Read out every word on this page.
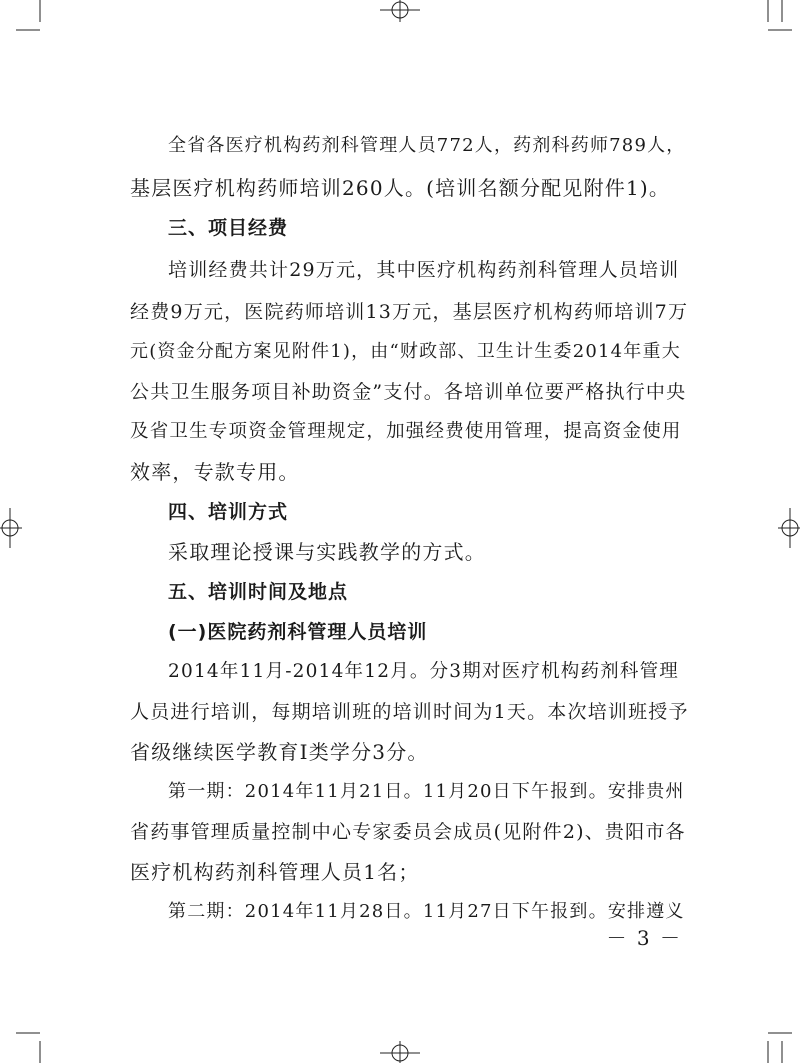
全省各医疗机构药剂科管理人员772人，药剂科药师789人，
基层医疗机构药师培训260人。(培训名额分配见附件1)。
三、项目经费
培训经费共计29万元，其中医疗机构药剂科管理人员培训
经费9万元，医院药师培训13万元，基层医疗机构药师培训7万
元(资金分配方案见附件1)，由“财政部、卫生计生委2014年重大
公共卫生服务项目补助资金”支付。各培训单位要严格执行中央
及省卫生专项资金管理规定，加强经费使用管理，提高资金使用
效率，专款专用。
四、培训方式
采取理论授课与实践教学的方式。
五、培训时间及地点
(一)医院药剂科管理人员培训
2014年11月-2014年12月。分3期对医疗机构药剂科管理
人员进行培训，每期培训班的培训时间为1天。本次培训班授予
省级继续医学教育Ⅰ类学分3分。
第一期：2014年11月21日。11月20日下午报到。安排贵州
省药事管理质量控制中心专家委员会成员(见附件2)、贵阳市各
医疗机构药剂科管理人员1名；
第二期：2014年11月28日。11月27日下午报到。安排遵义
－ 3 －
